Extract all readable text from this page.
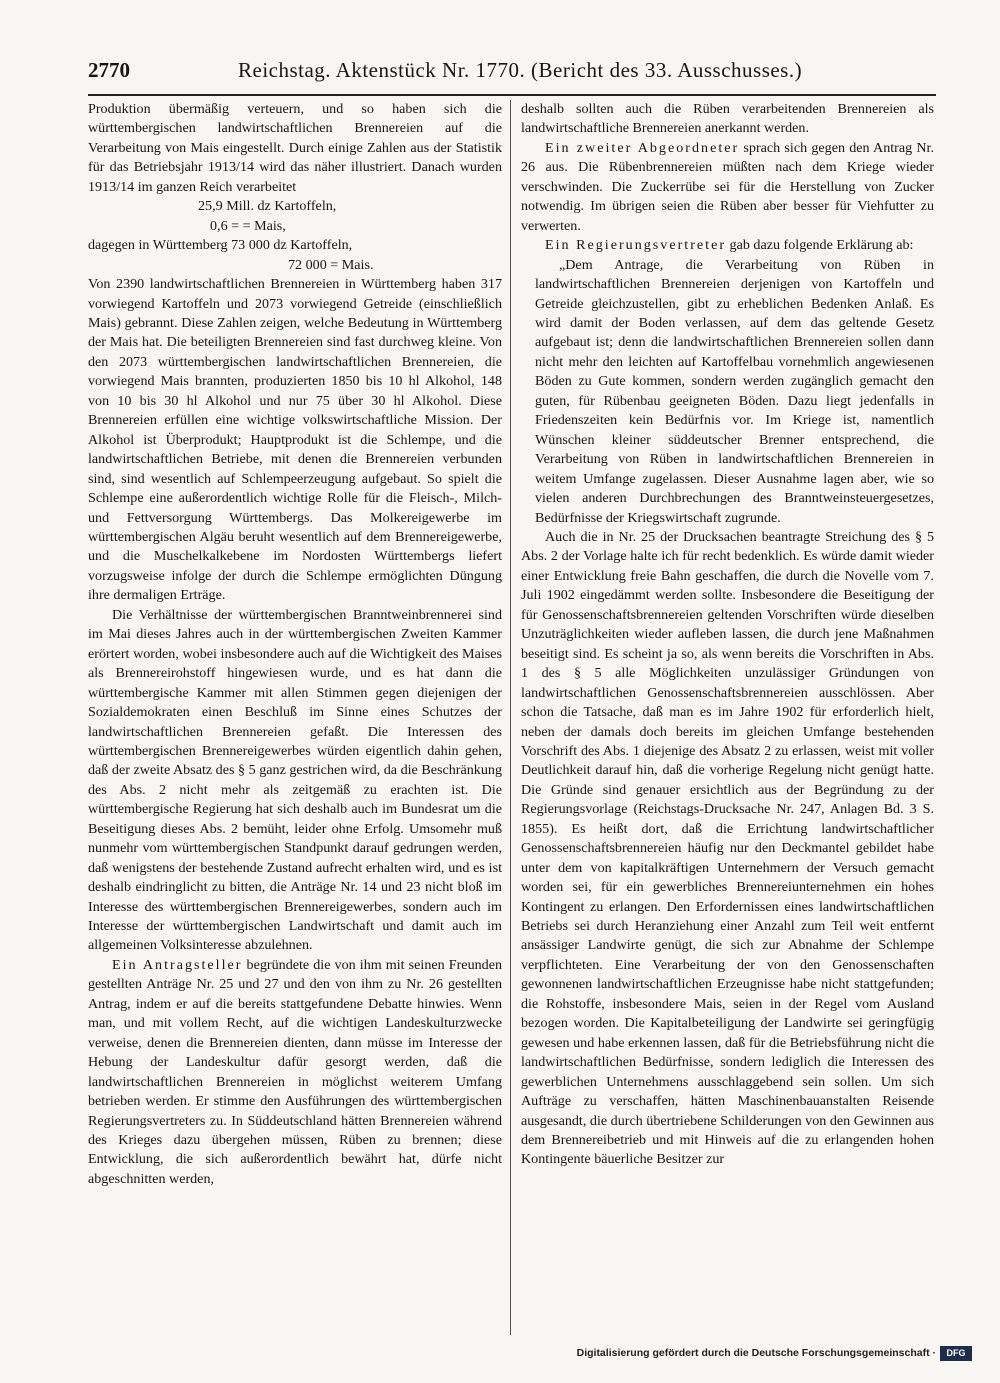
2770	Reichstag. Aktenstück Nr. 1770. (Bericht des 33. Ausschusses.)

Produktion übermäßig verteuern, und so haben sich die württembergischen landwirtschaftlichen Brennereien auf die Verarbeitung von Mais eingestellt. Durch einige Zahlen aus der Statistik für das Betriebsjahr 1913/14 wird das näher illustriert. Danach wurden 1913/14 im ganzen Reich verarbeitet

25,9 Mill. dz Kartoffeln,
0,6 = = Mais,
dagegen in Württemberg 73 000 dz Kartoffeln,
72 000 = Mais.

Von 2390 landwirtschaftlichen Brennereien in Württemberg haben 317 vorwiegend Kartoffeln und 2073 vorwiegend Getreide (einschließlich Mais) gebrannt. Diese Zahlen zeigen, welche Bedeutung in Württemberg der Mais hat. Die beteiligten Brennereien sind fast durchweg kleine. Von den 2073 württembergischen landwirtschaftlichen Brennereien, die vorwiegend Mais brannten, produzierten 1850 bis 10 hl Alkohol, 148 von 10 bis 30 hl Alkohol und nur 75 über 30 hl Alkohol. Diese Brennereien erfüllen eine wichtige volkswirtschaftliche Mission. Der Alkohol ist Überprodukt; Hauptprodukt ist die Schlempe, und die landwirtschaftlichen Betriebe, mit denen die Brennereien verbunden sind, sind wesentlich auf Schlempeerzeugung aufgebaut. So spielt die Schlempe eine außerordentlich wichtige Rolle für die Fleisch-, Milch- und Fettversorgung Württembergs. Das Molkereigewerbe im württembergischen Algäu beruht wesentlich auf dem Brennereigewerbe, und die Muschelkalkebene im Nordosten Württembergs liefert vorzugsweise infolge der durch die Schlempe ermöglichten Düngung ihre dermaligen Erträge.

Die Verhältnisse der württembergischen Branntweinbrennerei sind im Mai dieses Jahres auch in der württembergischen Zweiten Kammer erörtert worden, wobei insbesondere auch auf die Wichtigkeit des Maises als Brennereirohstoff hingewiesen wurde, und es hat dann die württembergische Kammer mit allen Stimmen gegen diejenigen der Sozialdemokraten einen Beschluß im Sinne eines Schutzes der landwirtschaftlichen Brennereien gefaßt. Die Interessen des württembergischen Brennereigewerbes würden eigentlich dahin gehen, daß der zweite Absatz des § 5 ganz gestrichen wird, da die Beschränkung des Abs. 2 nicht mehr als zeitgemäß zu erachten ist. Die württembergische Regierung hat sich deshalb auch im Bundesrat um die Beseitigung dieses Abs. 2 bemüht, leider ohne Erfolg. Umsomehr muß nunmehr vom württembergischen Standpunkt darauf gedrungen werden, daß wenigstens der bestehende Zustand aufrecht erhalten wird, und es ist deshalb eindringlicht zu bitten, die Anträge Nr. 14 und 23 nicht bloß im Interesse des württembergischen Brennereigewerbes, sondern auch im Interesse der württembergischen Landwirtschaft und damit auch im allgemeinen Volksinteresse abzulehnen.

Ein Antragsteller begründete die von ihm mit seinen Freunden gestellten Anträge Nr. 25 und 27 und den von ihm zu Nr. 26 gestellten Antrag, indem er auf die bereits stattgefundene Debatte hinwies. Wenn man, und mit vollem Recht, auf die wichtigen Landeskulturzwecke verweise, denen die Brennereien dienten, dann müsse im Interesse der Hebung der Landeskultur dafür gesorgt werden, daß die landwirtschaftlichen Brennereien in möglichst weiterem Umfang betrieben werden. Er stimme den Ausführungen des württembergischen Regierungsvertreters zu. In Süddeutschland hätten Brennereien während des Krieges dazu übergehen müssen, Rüben zu brennen; diese Entwicklung, die sich außerordentlich bewährt hat, dürfe nicht abgeschnitten werden,

deshalb sollten auch die Rüben verarbeitenden Brennereien als landwirtschaftliche Brennereien anerkannt werden.

Ein zweiter Abgeordneter sprach sich gegen den Antrag Nr. 26 aus. Die Rübenbrennereien müßten nach dem Kriege wieder verschwinden. Die Zuckerrübe sei für die Herstellung von Zucker notwendig. Im übrigen seien die Rüben aber besser für Viehfutter zu verwerten.

Ein Regierungsvertreter gab dazu folgende Erklärung ab:

„Dem Antrage, die Verarbeitung von Rüben in landwirtschaftlichen Brennereien derjenigen von Kartoffeln und Getreide gleichzustellen, gibt zu erheblichen Bedenken Anlaß. Es wird damit der Boden verlassen, auf dem das geltende Gesetz aufgebaut ist; denn die landwirtschaftlichen Brennereien sollen dann nicht mehr den leichten auf Kartoffelbau vornehmlich angewiesenen Böden zu Gute kommen, sondern werden zugänglich gemacht den guten, für Rübenbau geeigneten Böden. Dazu liegt jedenfalls in Friedenszeiten kein Bedürfnis vor. Im Kriege ist, namentlich Wünschen kleiner süddeutscher Brenner entsprechend, die Verarbeitung von Rüben in landwirtschaftlichen Brennereien in weitem Umfange zugelassen. Dieser Ausnahme lagen aber, wie so vielen anderen Durchbrechungen des Branntweinsteuergesetzes, Bedürfnisse der Kriegswirtschaft zugrunde.

Auch die in Nr. 25 der Drucksachen beantragte Streichung des § 5 Abs. 2 der Vorlage halte ich für recht bedenklich. Es würde damit wieder einer Entwicklung freie Bahn geschaffen, die durch die Novelle vom 7. Juli 1902 eingedämmt werden sollte. Insbesondere die Beseitigung der für Genossenschaftsbrennereien geltenden Vorschriften würde dieselben Unzuträglichkeiten wieder aufleben lassen, die durch jene Maßnahmen beseitigt sind. Es scheint ja so, als wenn bereits die Vorschriften in Abs. 1 des § 5 alle Möglichkeiten unzulässiger Gründungen von landwirtschaftlichen Genossenschaftsbrennereien ausschlössen. Aber schon die Tatsache, daß man es im Jahre 1902 für erforderlich hielt, neben der damals doch bereits im gleichen Umfange bestehenden Vorschrift des Abs. 1 diejenige des Absatz 2 zu erlassen, weist mit voller Deutlichkeit darauf hin, daß die vorherige Regelung nicht genügt hatte. Die Gründe sind genauer ersichtlich aus der Begründung zu der Regierungsvorlage (Reichstags-Drucksache Nr. 247, Anlagen Bd. 3 S. 1855). Es heißt dort, daß die Errichtung landwirtschaftlicher Genossenschaftsbrennereien häufig nur den Deckmantel gebildet habe unter dem von kapitalkräftigen Unternehmern der Versuch gemacht worden sei, für ein gewerbliches Brennereiunternehmen ein hohes Kontingent zu erlangen. Den Erfordernissen eines landwirtschaftlichen Betriebs sei durch Heranziehung einer Anzahl zum Teil weit entfernt ansässiger Landwirte genügt, die sich zur Abnahme der Schlempe verpflichteten. Eine Verarbeitung der von den Genossenschaften gewonnenen landwirtschaftlichen Erzeugnisse habe nicht stattgefunden; die Rohstoffe, insbesondere Mais, seien in der Regel vom Ausland bezogen worden. Die Kapitalbeteiligung der Landwirte sei geringfügig gewesen und habe erkennen lassen, daß für die Betriebsführung nicht die landwirtschaftlichen Bedürfnisse, sondern lediglich die Interessen des gewerblichen Unternehmens ausschlaggebend sein sollen. Um sich Aufträge zu verschaffen, hätten Maschinenbauanstalten Reisende ausgesandt, die durch übertriebene Schilderungen von den Gewinnen aus dem Brennereibetrieb und mit Hinweis auf die zu erlangenden hohen Kontingente bäuerliche Besitzer zur

Digitalisierung gefördert durch die Deutsche Forschungsgemeinschaft ·	DFG
